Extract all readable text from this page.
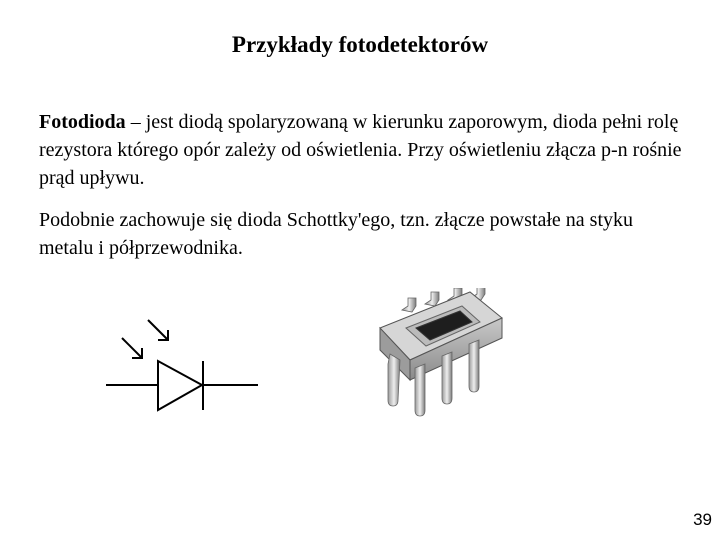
Przykłady fotodetektorów
Fotodioda – jest diodą spolaryzowaną w kierunku zaporowym, dioda pełni rolę rezystora którego opór zależy od oświetlenia. Przy oświetleniu złącza p-n rośnie prąd upływu.
Podobnie zachowuje się dioda Schottky'ego, tzn. złącze powstałe na styku metalu i półprzewodnika.
39
